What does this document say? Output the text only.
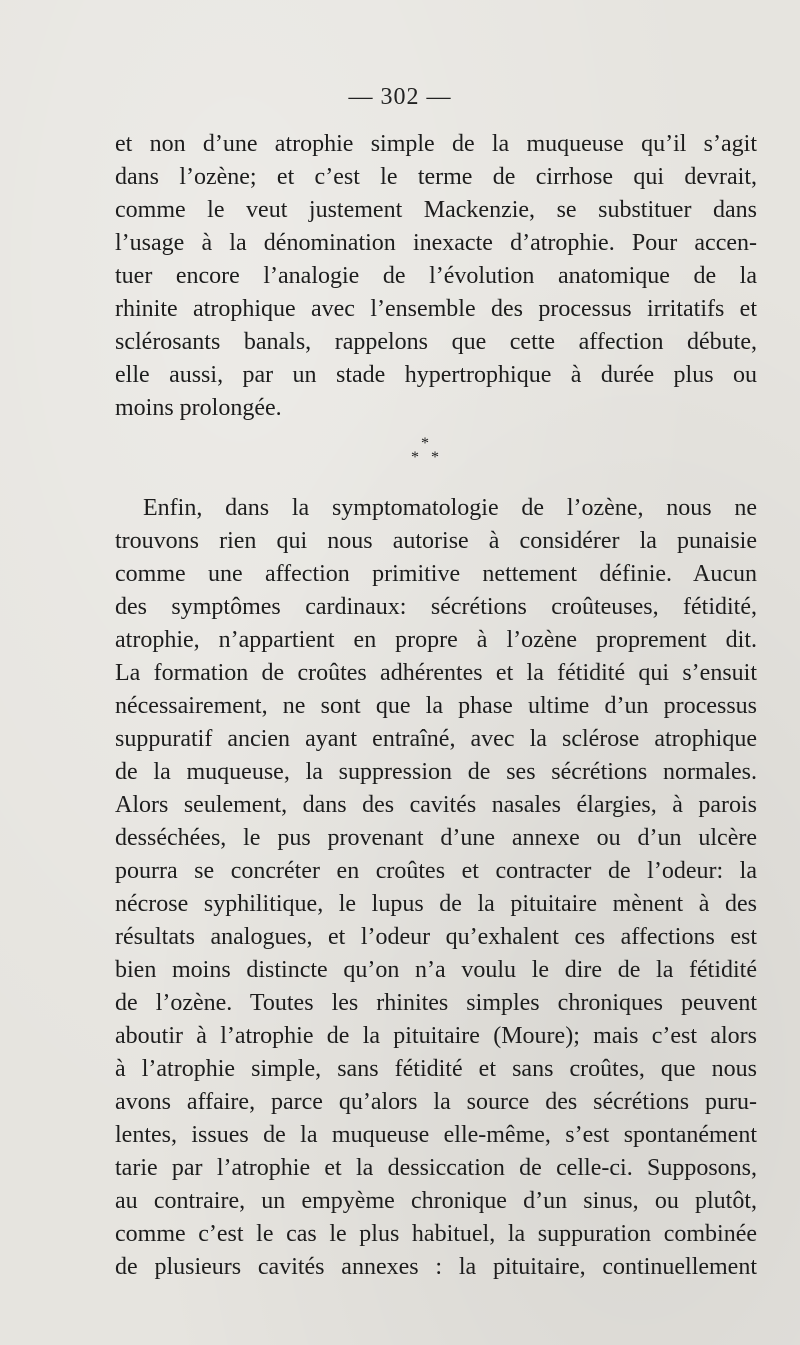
— 302 —
et non d’une atrophie simple de la muqueuse qu’il s’agit
dans l’ozène; et c’est le terme de cirrhose qui devrait,
comme le veut justement Mackenzie, se substituer dans
l’usage à la dénomination inexacte d’atrophie. Pour accen-
tuer encore l’analogie de l’évolution anatomique de la
rhinite atrophique avec l’ensemble des processus irritatifs et
sclérosants banals, rappelons que cette affection débute,
elle aussi, par un stade hypertrophique à durée plus ou
moins prolongée.
*
* *
Enfin, dans la symptomatologie de l’ozène, nous ne
trouvons rien qui nous autorise à considérer la punaisie
comme une affection primitive nettement définie. Aucun
des symptômes cardinaux: sécrétions croûteuses, fétidité,
atrophie, n’appartient en propre à l’ozène proprement dit.
La formation de croûtes adhérentes et la fétidité qui s’ensuit
nécessairement, ne sont que la phase ultime d’un processus
suppuratif ancien ayant entraîné, avec la sclérose atrophique
de la muqueuse, la suppression de ses sécrétions normales.
Alors seulement, dans des cavités nasales élargies, à parois
desséchées, le pus provenant d’une annexe ou d’un ulcère
pourra se concréter en croûtes et contracter de l’odeur: la
nécrose syphilitique, le lupus de la pituitaire mènent à des
résultats analogues, et l’odeur qu’exhalent ces affections est
bien moins distincte qu’on n’a voulu le dire de la fétidité
de l’ozène. Toutes les rhinites simples chroniques peuvent
aboutir à l’atrophie de la pituitaire (Moure); mais c’est alors
à l’atrophie simple, sans fétidité et sans croûtes, que nous
avons affaire, parce qu’alors la source des sécrétions puru-
lentes, issues de la muqueuse elle-même, s’est spontanément
tarie par l’atrophie et la dessiccation de celle-ci. Supposons,
au contraire, un empyème chronique d’un sinus, ou plutôt,
comme c’est le cas le plus habituel, la suppuration combinée
de plusieurs cavités annexes : la pituitaire, continuellement
